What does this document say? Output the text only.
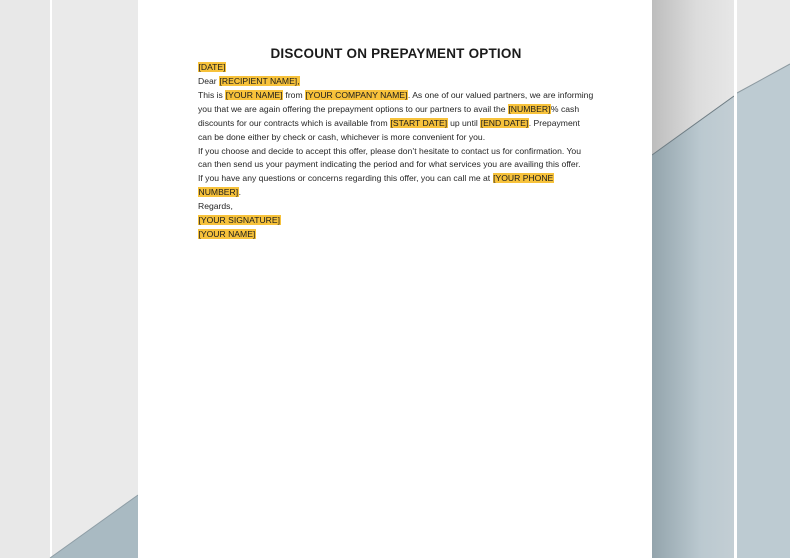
DISCOUNT ON PREPAYMENT OPTION

[DATE]

Dear [RECIPIENT NAME],

This is [YOUR NAME] from [YOUR COMPANY NAME]. As one of our valued partners, we are informing you that we are again offering the prepayment options to our partners to avail the [NUMBER]% cash discounts for our contracts which is available from [START DATE] up until [END DATE]. Prepayment can be done either by check or cash, whichever is more convenient for you.

If you choose and decide to accept this offer, please don’t hesitate to contact us for confirmation. You can then send us your payment indicating the period and for what services you are availing this offer.

If you have any questions or concerns regarding this offer, you can call me at [YOUR PHONE NUMBER].

Regards,

[YOUR SIGNATURE]

[YOUR NAME]
